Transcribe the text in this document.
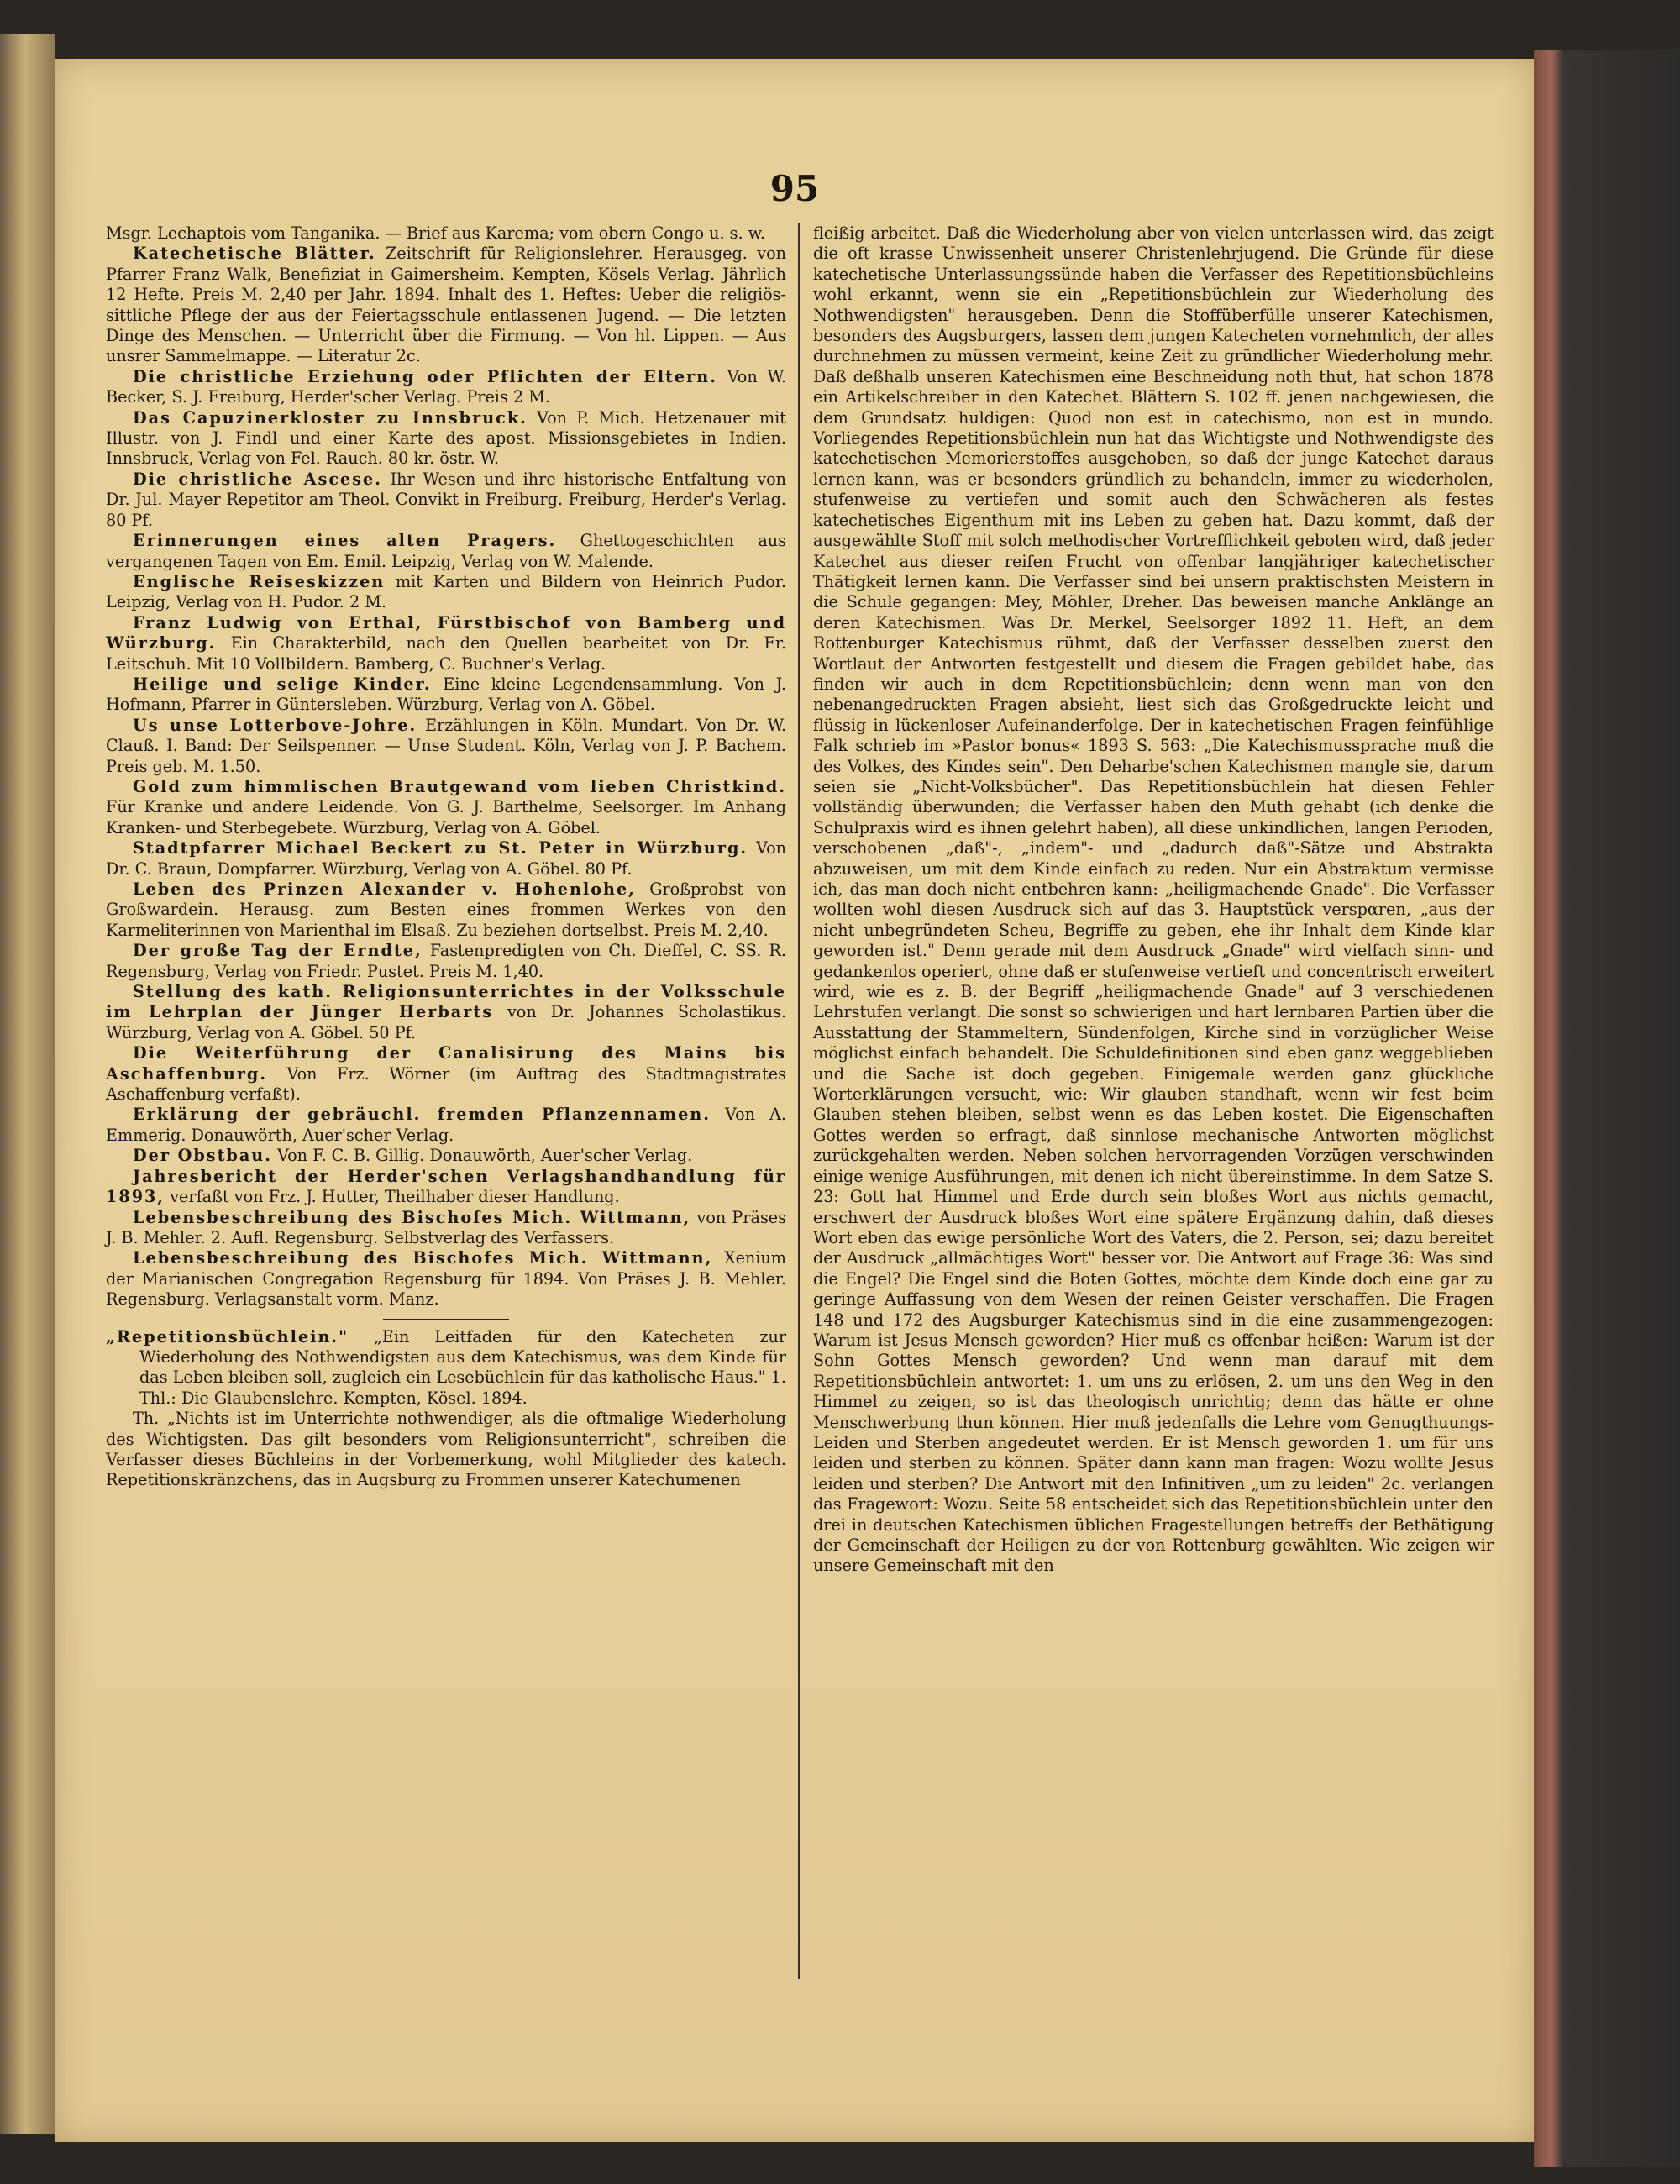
95

Msgr. Lechaptois vom Tanganika. — Brief aus Karema; vom obern Congo u. s. w.

Katechetische Blätter. Zeitschrift für Religionslehrer. Herausgeg. von Pfarrer Franz Walk, Benefiziat in Gaimersheim. Kempten, Kösels Verlag. Jährlich 12 Hefte. Preis M. 2,40 per Jahr. 1894. Inhalt des 1. Heftes: Ueber die religiös-sittliche Pflege der aus der Feiertagsschule entlassenen Jugend. — Die letzten Dinge des Menschen. — Unterricht über die Firmung. — Von hl. Lippen. — Aus unsrer Sammelmappe. — Literatur 2c.

Die christliche Erziehung oder Pflichten der Eltern. Von W. Becker, S. J. Freiburg, Herder'scher Verlag. Preis 2 M.

Das Capuzinerkloster zu Innsbruck. Von P. Mich. Hetzenauer mit Illustr. von J. Findl und einer Karte des apost. Missionsgebietes in Indien. Innsbruck, Verlag von Fel. Rauch. 80 kr. östr. W.

Die christliche Ascese. Ihr Wesen und ihre historische Entfaltung von Dr. Jul. Mayer Repetitor am Theol. Convikt in Freiburg. Freiburg, Herder's Verlag. 80 Pf.

Erinnerungen eines alten Pragers. Ghettogeschichten aus vergangenen Tagen von Em. Emil. Leipzig, Verlag von W. Malende.

Englische Reiseskizzen mit Karten und Bildern von Heinrich Pudor. Leipzig, Verlag von H. Pudor. 2 M.

Franz Ludwig von Erthal, Fürstbischof von Bamberg und Würzburg. Ein Charakterbild, nach den Quellen bearbeitet von Dr. Fr. Leitschuh. Mit 10 Vollbildern. Bamberg, C. Buchner's Verlag.

Heilige und selige Kinder. Eine kleine Legendensammlung. Von J. Hofmann, Pfarrer in Güntersleben. Würzburg, Verlag von A. Göbel.

Us unse Lotterbove-Johre. Erzählungen in Köln. Mundart. Von Dr. W. Clauß. I. Band: Der Seilspenner. — Unse Student. Köln, Verlag von J. P. Bachem. Preis geb. M. 1.50.

Gold zum himmlischen Brautgewand vom lieben Christkind. Für Kranke und andere Leidende. Von G. J. Barthelme, Seelsorger. Im Anhang Kranken- und Sterbegebete. Würzburg, Verlag von A. Göbel.

Stadtpfarrer Michael Beckert zu St. Peter in Würzburg. Von Dr. C. Braun, Dompfarrer. Würzburg, Verlag von A. Göbel. 80 Pf.

Leben des Prinzen Alexander v. Hohenlohe, Großprobst von Großwardein. Herausg. zum Besten eines frommen Werkes von den Karmeliterinnen von Marienthal im Elsaß. Zu beziehen dortselbst. Preis M. 2,40.

Der große Tag der Erndte, Fastenpredigten von Ch. Dieffel, C. SS. R. Regensburg, Verlag von Friedr. Pustet. Preis M. 1,40.

Stellung des kath. Religionsunterrichtes in der Volksschule im Lehrplan der Jünger Herbarts von Dr. Johannes Scholastikus. Würzburg, Verlag von A. Göbel. 50 Pf.

Die Weiterführung der Canalisirung des Mains bis Aschaffenburg. Von Frz. Wörner (im Auftrag des Stadtmagistrates Aschaffenburg verfaßt).

Erklärung der gebräuchl. fremden Pflanzennamen. Von A. Emmerig. Donauwörth, Auer'scher Verlag.

Der Obstbau. Von F. C. B. Gillig. Donauwörth, Auer'scher Verlag.

Jahresbericht der Herder'schen Verlagshandhandlung für 1893, verfaßt von Frz. J. Hutter, Theilhaber dieser Handlung.

Lebensbeschreibung des Bischofes Mich. Wittmann, von Präses J. B. Mehler. 2. Aufl. Regensburg. Selbstverlag des Verfassers.

Lebensbeschreibung des Bischofes Mich. Wittmann, Xenium der Marianischen Congregation Regensburg für 1894. Von Präses J. B. Mehler. Regensburg. Verlagsanstalt vorm. Manz.

„Repetitionsbüchlein." „Ein Leitfaden für den Katecheten zur Wiederholung des Nothwendigsten aus dem Katechismus, was dem Kinde für das Leben bleiben soll, zugleich ein Lesebüchlein für das katholische Haus." 1. Thl.: Die Glaubenslehre. Kempten, Kösel. 1894.

Th. „Nichts ist im Unterrichte nothwendiger, als die oftmalige Wiederholung des Wichtigsten. Das gilt besonders vom Religionsunterricht", schreiben die Verfasser dieses Büchleins in der Vorbemerkung, wohl Mitglieder des katech. Repetitionskränzchens, das in Augsburg zu Frommen unserer Katechumenen

fleißig arbeitet. Daß die Wiederholung aber von vielen unterlassen wird, das zeigt die oft krasse Unwissenheit unserer Christenlehrjugend. Die Gründe für diese katechetische Unterlassungssünde haben die Verfasser des Repetitionsbüchleins wohl erkannt, wenn sie ein „Repetitionsbüchlein zur Wiederholung des Nothwendigsten" herausgeben. Denn die Stoffüberfülle unserer Katechismen, besonders des Augsburgers, lassen dem jungen Katecheten vornehmlich, der alles durchnehmen zu müssen vermeint, keine Zeit zu gründlicher Wiederholung mehr. Daß deßhalb unseren Katechismen eine Beschneidung noth thut, hat schon 1878 ein Artikelschreiber in den Katechet. Blättern S. 102 ff. jenen nachgewiesen, die dem Grundsatz huldigen: Quod non est in catechismo, non est in mundo. Vorliegendes Repetitionsbüchlein nun hat das Wichtigste und Nothwendigste des katechetischen Memorierstoffes ausgehoben, so daß der junge Katechet daraus lernen kann, was er besonders gründlich zu behandeln, immer zu wiederholen, stufenweise zu vertiefen und somit auch den Schwächeren als festes katechetisches Eigenthum mit ins Leben zu geben hat. Dazu kommt, daß der ausgewählte Stoff mit solch methodischer Vortrefflichkeit geboten wird, daß jeder Katechet aus dieser reifen Frucht von offenbar langjähriger katechetischer Thätigkeit lernen kann. Die Verfasser sind bei unsern praktischsten Meistern in die Schule gegangen: Mey, Möhler, Dreher. Das beweisen manche Anklänge an deren Katechismen. Was Dr. Merkel, Seelsorger 1892 11. Heft, an dem Rottenburger Katechismus rühmt, daß der Verfasser desselben zuerst den Wortlaut der Antworten festgestellt und diesem die Fragen gebildet habe, das finden wir auch in dem Repetitionsbüchlein; denn wenn man von den nebenangedruckten Fragen absieht, liest sich das Großgedruckte leicht und flüssig in lückenloser Aufeinanderfolge. Der in katechetischen Fragen feinfühlige Falk schrieb im »Pastor bonus« 1893 S. 563: „Die Katechismussprache muß die des Volkes, des Kindes sein". Den Deharbe'schen Katechismen mangle sie, darum seien sie „Nicht-Volksbücher". Das Repetitionsbüchlein hat diesen Fehler vollständig überwunden; die Verfasser haben den Muth gehabt (ich denke die Schulpraxis wird es ihnen gelehrt haben), all diese unkindlichen, langen Perioden, verschobenen „daß"-, „indem"- und „dadurch daß"-Sätze und Abstrakta abzuweisen, um mit dem Kinde einfach zu reden. Nur ein Abstraktum vermisse ich, das man doch nicht entbehren kann: „heiligmachende Gnade". Die Verfasser wollten wohl diesen Ausdruck sich auf das 3. Hauptstück verspαren, „aus der nicht unbegründeten Scheu, Begriffe zu geben, ehe ihr Inhalt dem Kinde klar geworden ist." Denn gerade mit dem Ausdruck „Gnade" wird vielfach sinn- und gedankenlos operiert, ohne daß er stufenweise vertieft und concentrisch erweitert wird, wie es z. B. der Begriff „heiligmachende Gnade" auf 3 verschiedenen Lehrstufen verlangt. Die sonst so schwierigen und hart lernbaren Partien über die Ausstattung der Stammeltern, Sündenfolgen, Kirche sind in vorzüglicher Weise möglichst einfach behandelt. Die Schuldefinitionen sind eben ganz weggeblieben und die Sache ist doch gegeben. Einigemale werden ganz glückliche Worterklärungen versucht, wie: Wir glauben standhaft, wenn wir fest beim Glauben stehen bleiben, selbst wenn es das Leben kostet. Die Eigenschaften Gottes werden so erfragt, daß sinnlose mechanische Antworten möglichst zurückgehalten werden. Neben solchen hervorragenden Vorzügen verschwinden einige wenige Ausführungen, mit denen ich nicht übereinstimme. In dem Satze S. 23: Gott hat Himmel und Erde durch sein bloßes Wort aus nichts gemacht, erschwert der Ausdruck bloßes Wort eine spätere Ergänzung dahin, daß dieses Wort eben das ewige persönliche Wort des Vaters, die 2. Person, sei; dazu bereitet der Ausdruck „allmächtiges Wort" besser vor. Die Antwort auf Frage 36: Was sind die Engel? Die Engel sind die Boten Gottes, möchte dem Kinde doch eine gar zu geringe Auffassung von dem Wesen der reinen Geister verschaffen. Die Fragen 148 und 172 des Augsburger Katechismus sind in die eine zusammengezogen: Warum ist Jesus Mensch geworden? Hier muß es offenbar heißen: Warum ist der Sohn Gottes Mensch geworden? Und wenn man darauf mit dem Repetitionsbüchlein antwortet: 1. um uns zu erlösen, 2. um uns den Weg in den Himmel zu zeigen, so ist das theologisch unrichtig; denn das hätte er ohne Menschwerbung thun können. Hier muß jedenfalls die Lehre vom Genugthuungs-Leiden und Sterben angedeutet werden. Er ist Mensch geworden 1. um für uns leiden und sterben zu können. Später dann kann man fragen: Wozu wollte Jesus leiden und sterben? Die Antwort mit den Infinitiven „um zu leiden" 2c. verlangen das Fragewort: Wozu. Seite 58 entscheidet sich das Repetitionsbüchlein unter den drei in deutschen Katechismen üblichen Fragestellungen betreffs der Bethätigung der Gemeinschaft der Heiligen zu der von Rottenburg gewählten. Wie zeigen wir unsere Gemeinschaft mit den
